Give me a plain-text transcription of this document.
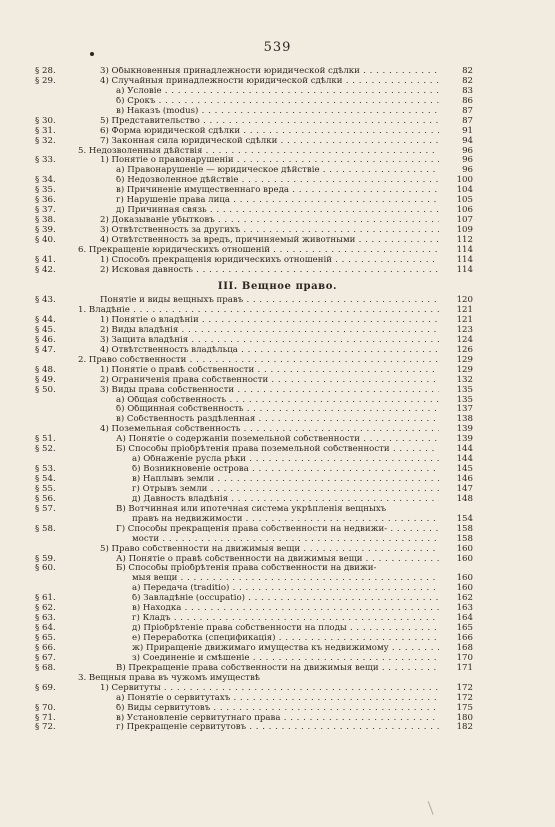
539
§ 28.	3) Обыкновенныя принадлежности юридической сдѣлки . . .	82
§ 29.	4) Случайныя принадлежности юридической сдѣлки . . .	82
а) Условіе . . .	83
б) Срокъ . . .	86
в) Наказъ (modus) . . .	87
§ 30.	5) Представительство . . .	87
§ 31.	6) Форма юридической сдѣлки . . .	91
§ 32.	7) Законная сила юридической сдѣлки . . .	94
5. Недозволенныя дѣйствія . . .	96
§ 33.	1) Понятіе о правонарушеніи . . .	96
а) Правонарушеніе — юридическое дѣйствіе . . .	96
§ 34.	б) Недозволенное дѣйствіе . . .	100
§ 35.	в) Причиненіе имущественнаго вреда . . .	104
§ 36.	г) Нарушеніе права лица . . .	105
§ 37.	д) Причинная связь . . .	106
§ 38.	2) Доказываніе убытковъ . . .	107
§ 39.	3) Отвѣтственность за другихъ . . .	109
§ 40.	4) Отвѣтственность за вредъ, причиняемый животными . . .	112
6. Прекращеніе юридическихъ отношеній . . .	114
§ 41.	1) Способъ прекращенія юридическихъ отношеній . . .	114
§ 42.	2) Исковая давность . . .	114
III. Вещное право.
§ 43.	Понятіе и виды вещныхъ правъ . . .	120
1. Владѣніе . . .	121
§ 44.	1) Понятіе о владѣніи . . .	121
§ 45.	2) Виды владѣнія . . .	123
§ 46.	3) Защита владѣнія . . .	124
§ 47.	4) Отвѣтственность владѣльца . . .	126
2. Право собственности . . .	129
§ 48.	1) Понятіе о правѣ собственности . . .	129
§ 49.	2) Ограниченія права собственности . . .	132
§ 50.	3) Виды права собственности . . .	135
а) Общая собственность . . .	135
б) Общинная собственность . . .	137
в) Собственность раздѣленная . . .	138
4) Поземельная собственность . . .	139
§ 51.	А) Понятіе о содержаніи поземельной собственности . . .	139
§ 52.	Б) Способы пріобрѣтенія права поземельной собственности . . .	144
а) Обнаженіе русла рѣки . . .	144
§ 53.	б) Возникновеніе острова . . .	145
§ 54.	в) Наплывъ земли . . .	146
§ 55.	г) Отрывъ земли . . .	147
§ 56.	д) Давность владѣнія . . .	148
§ 57.	В) Вотчинная или ипотечная система укрѣпленія вещныхъ
правъ на недвижимости . . .	154
§ 58.	Г) Способы прекращенія права собственности на недвижи- . . .	158
мости . . .	158
5) Право собственности на движимыя вещи . . .	160
§ 59.	А) Понятіе о правѣ собственности на движимыя вещи . . .	160
§ 60.	Б) Способы пріобрѣтенія права собственности на движи-
мыя вещи . . .	160
а) Передача (traditio) . . .	160
§ 61.	б) Завладѣніе (occupatio) . . .	162
§ 62.	в) Находка . . .	163
§ 63.	г) Кладъ . . .	164
§ 64.	д) Пріобрѣтеніе права собственности на плоды . . .	165
§ 65.	е) Переработка (спецификація) . . .	166
§ 66.	ж) Приращеніе движимаго имущества къ недвижимому . . .	168
§ 67.	з) Соединеніе и смѣшеніе . . .	170
§ 68.	В) Прекращеніе права собственности на движимыя вещи . . .	171
3. Вещныя права въ чужомъ имуществѣ
§ 69.	1) Сервитуты . . .	172
а) Понятіе о сервитутахъ . . .	172
§ 70.	б) Виды сервитутовъ . . .	175
§ 71.	в) Установленіе сервитутнаго права . . .	180
§ 72.	г) Прекращеніе сервитутовъ . . .	182
